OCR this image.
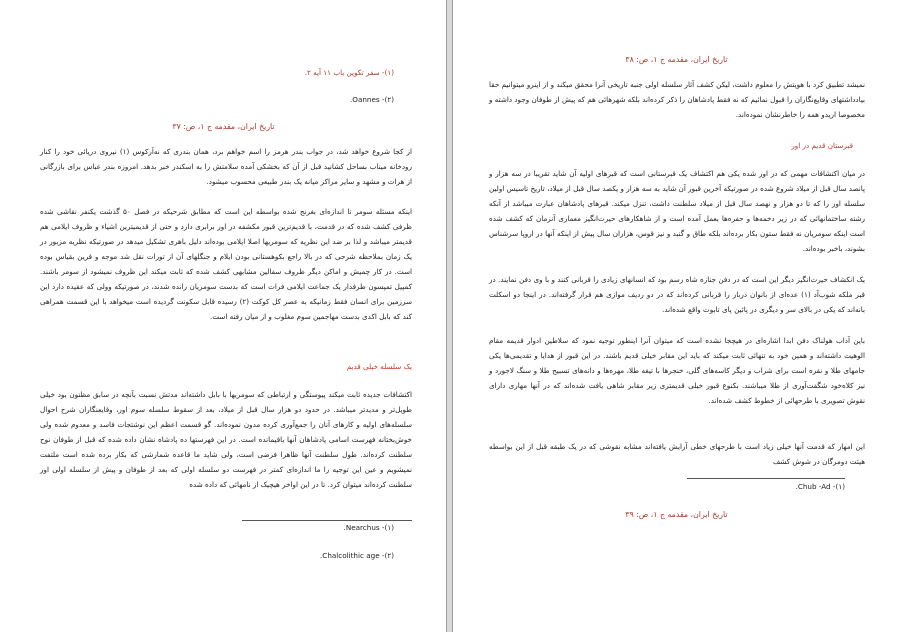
(۱)- سفر تکوین باب ۱۱ آیه ۲.
(۲)- Oannes.
تاریخ ایران، مقدمه ج ۱، ص: ۳۷
از کجا شروع خواهد شد، در جواب بندر هرمز را اسم خواهم برد، همان بندری که نه‌آرکوس (۱) نیروی دریائی خود را کنار رودخانه میناب بساحل کشانید قبل از آن که بخشکی آمده سلامتش را به اسکندر خبر بدهد. امروزه بندر عباس برای بازرگانی از هرات و مشهد و سایر مراکز میانه یک بندر طبیعی محسوب میشود.
اینکه مسئله سومر تا اندازه‌ای بغرنج شده بواسطه این است که مطابق شرحیکه در فصل ۵۰ گذشت یکنفر نقاشی شده ظرفی کشف شده که در قدمت، با قدیم‌ترین قبور مکشفه در اور برابری دارد و حتی از قدیمیترین اشیاء و ظروف ایلامی هم قدیمتر میباشد و لذا بر ضد این نظریه که سومریها اصلا ایلامی بوده‌اند دلیل باهری تشکیل میدهد در صورتیکه نظریه مزبور در یک زمان بملاحظه شرحی که در بالا راجع بکوهستانی بودن ایلام و جنگلهای آن از تورات نقل شد موجه و قرین بقیاس بوده است. در کار چمیش و اماکن دیگر ظروف سفالین مشابهی کشف شده که ثابت میکند این ظروف نمیشود از سومر باشند. کمپیل تمپسون طرفدار یک جماعت ایلامی فرات است که بدست سومریان رانده شدند، در صورتیکه وولی که عقیده دارد این سرزمین برای انسان فقط زمانیکه به عصر کل کوکت (۲) رسیده قابل سکونت گردیده است میخواهد با این قسمت همراهی کند که بابل اکدی بدست مهاجمین سوم مغلوب و از میان رفته است.
یک سلسله خیلی قدیم
اکتشافات جدیده ثابت میکند پیوستگی و ارتباطی که سومریها با بابل داشته‌اند مدتش نسبت بآنچه در سابق مظنون بود خیلی طویل‌تر و مدیدتر میباشد. در حدود دو هزار سال قبل از میلاد، بعد از سقوط سلسله سوم اور، وقایعنگاران شرح احوال سلسله‌های اولیه و کارهای آنان را جمع‌آوری کرده مدون نموده‌اند. گو قسمت اعظم این نوشتجات فاسد و معدوم شده ولی خوش‌بختانه فهرست اسامی پادشاهان آنها باقیمانده است. در این فهرستها ده پادشاه نشان داده شده که قبل از طوفان نوح سلطنت کرده‌اند. طول سلطنت آنها ظاهرا فرضی است، ولی شاید ما قاعده شمارشی که بکار برده شده است ملتفت نمیشویم و عین این توجیه را ما اندازه‌ای کمتر در فهرست دو سلسله اولی که بعد از طوفان و پیش از سلسله اولی اور سلطنت کرده‌اند میتوان کرد. تا در این اواخر هیچیک از نامهائی که داده شده
(۱)- Nearchus.
(۲)- Chalcolithic age.
تاریخ ایران، مقدمه ج ۱، ص: ۳۸
نمیشد تطبیق کرد با هویتش را معلوم داشت، لیکن کشف آثار سلسله اولی جنبه تاریخی آنرا محقق میکند و از اینرو میتوانیم حقا بیادداشتهای وقایع‌نگاران را قبول نمائیم که نه فقط پادشاهان را ذکر کرده‌اند بلکه شهرهائی هم که پیش از طوفان وجود داشته و مخصوصا اریدو همه را خاطرنشان نموده‌اند.
قبرستان قدیم در اور
در میان اکتشافات مهمی که در اور شده یکی هم اکتشاف یک قبرستانی است که قبرهای اولیه آن شاید تقریبا در سه هزار و پانصد سال قبل از میلاد شروع شده در صورتیکه آخرین قبور آن شاید به سه هزار و یکصد سال قبل از میلاد، تاریخ تاسیس اولین سلسله اور را که تا دو هزار و نهصد سال قبل از میلاد سلطنت داشت، تنزل میکند. قبرهای پادشاهان عبارت میباشد از آنکه رشته ساختمانهائی که در زیر دخمه‌ها و حفره‌ها بعمل آمده است و از شاهکارهای حیرت‌انگیز معماری آنزمان که کشف شده است اینکه سومریان نه فقط ستون بکار برده‌اند بلکه طاق و گنبد و نیز قوس، هزاران سال پیش از اینکه آنها در اروپا سرشناس بشوند، باخبر بوده‌اند.
یک انکشاف حیرت‌انگیز دیگر این است که در دفن جنازه شاه رسم بود که انسانهای زیادی را قربانی کنند و با وی دفن نمایند. در قبر ملکه شوب‌آد (۱) عده‌ای از بانوان دربار را قربانی کرده‌اند که در دو ردیف موازی هم قرار گرفته‌اند. در اینجا دو اسکلت بانه‌اند که یکی در بالای سر و دیگری در پائین پای تابوت واقع شده‌اند.
باین آداب هولناک دفن ابدا اشاره‌ای در هیچجا نشده است که میتوان آنرا اینطور توجیه نمود که سلاطین ادوار قدیمه مقام الوهیت داشته‌اند و همین خود به تنهائی ثابت میکند که باید این مقابر خیلی قدیم باشند. در این قبور از هدایا و تقدیمی‌ها یکی جامهای طلا و نقره است برای شراب و دیگر کاسه‌های گلی، خنجرها با تیغه طلا، مهره‌ها و دانه‌های تسبیح طلا و سنگ لاجورد و نیز کلاه‌خود شگفت‌آوری از طلا میباشند. بکنوع قبور خیلی قدیمتری زیر مقابر شاهی یافت شده‌اند که در آنها مهاری دارای نقوش تصویری با طرحهائی از خطوط کشف شده‌اند.
این امهار که قدمت آنها خیلی زیاد است با طرحهای خطی آرایش یافته‌اند مشابه نقوشی که در یک طبقه قبل از این بواسطه هیئت دومرگان در شوش کشف
(۱)- Chub -Ad.
تاریخ ایران، مقدمه ج ۱، ص: ۳۹
